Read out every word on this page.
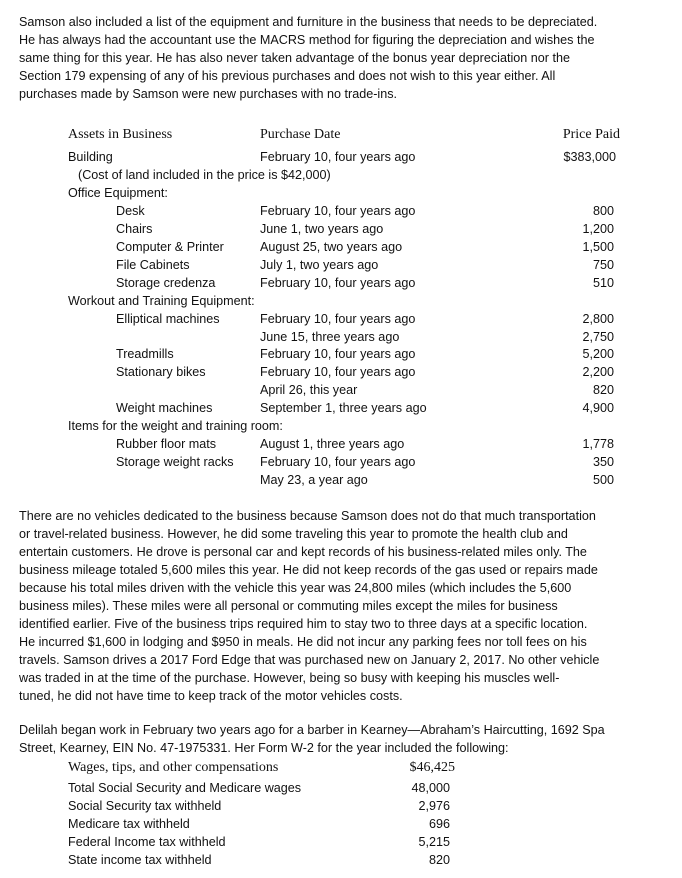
Samson also included a list of the equipment and furniture in the business that needs to be depreciated.
He has always had the accountant use the MACRS method for figuring the depreciation and wishes the
same thing for this year. He has also never taken advantage of the bonus year depreciation nor the
Section 179 expensing of any of his previous purchases and does not wish to this year either. All
purchases made by Samson were new purchases with no trade-ins.
Assets in Business	Purchase Date	Price Paid
Building	February 10, four years ago	$383,000
(Cost of land included in the price is $42,000)
Office Equipment:
Desk	February 10, four years ago	800
Chairs	June 1, two years ago	1,200
Computer & Printer	August 25, two years ago	1,500
File Cabinets	July 1, two years ago	750
Storage credenza	February 10, four years ago	510
Workout and Training Equipment:
Elliptical machines	February 10, four years ago	2,800
June 15, three years ago	2,750
Treadmills	February 10, four years ago	5,200
Stationary bikes	February 10, four years ago	2,200
April 26, this year	820
Weight machines	September 1, three years ago	4,900
Items for the weight and training room:
Rubber floor mats	August 1, three years ago	1,778
Storage weight racks February 10, four years ago	350
May 23, a year ago	500
There are no vehicles dedicated to the business because Samson does not do that much transportation
or travel-related business. However, he did some traveling this year to promote the health club and
entertain customers. He drove is personal car and kept records of his business-related miles only. The
business mileage totaled 5,600 miles this year. He did not keep records of the gas used or repairs made
because his total miles driven with the vehicle this year was 24,800 miles (which includes the 5,600
business miles). These miles were all personal or commuting miles except the miles for business
identified earlier. Five of the business trips required him to stay two to three days at a specific location.
He incurred $1,600 in lodging and $950 in meals. He did not incur any parking fees nor toll fees on his
travels. Samson drives a 2017 Ford Edge that was purchased new on January 2, 2017. No other vehicle
was traded in at the time of the purchase. However, being so busy with keeping his muscles well-
tuned, he did not have time to keep track of the motor vehicles costs.
Delilah began work in February two years ago for a barber in Kearney—Abraham’s Haircutting, 1692 Spa
Street, Kearney, EIN No. 47-1975331. Her Form W-2 for the year included the following:
Wages, tips, and other compensations	$46,425
Total Social Security and Medicare wages	48,000
Social Security tax withheld	2,976
Medicare tax withheld	696
Federal Income tax withheld	5,215
State income tax withheld	820
